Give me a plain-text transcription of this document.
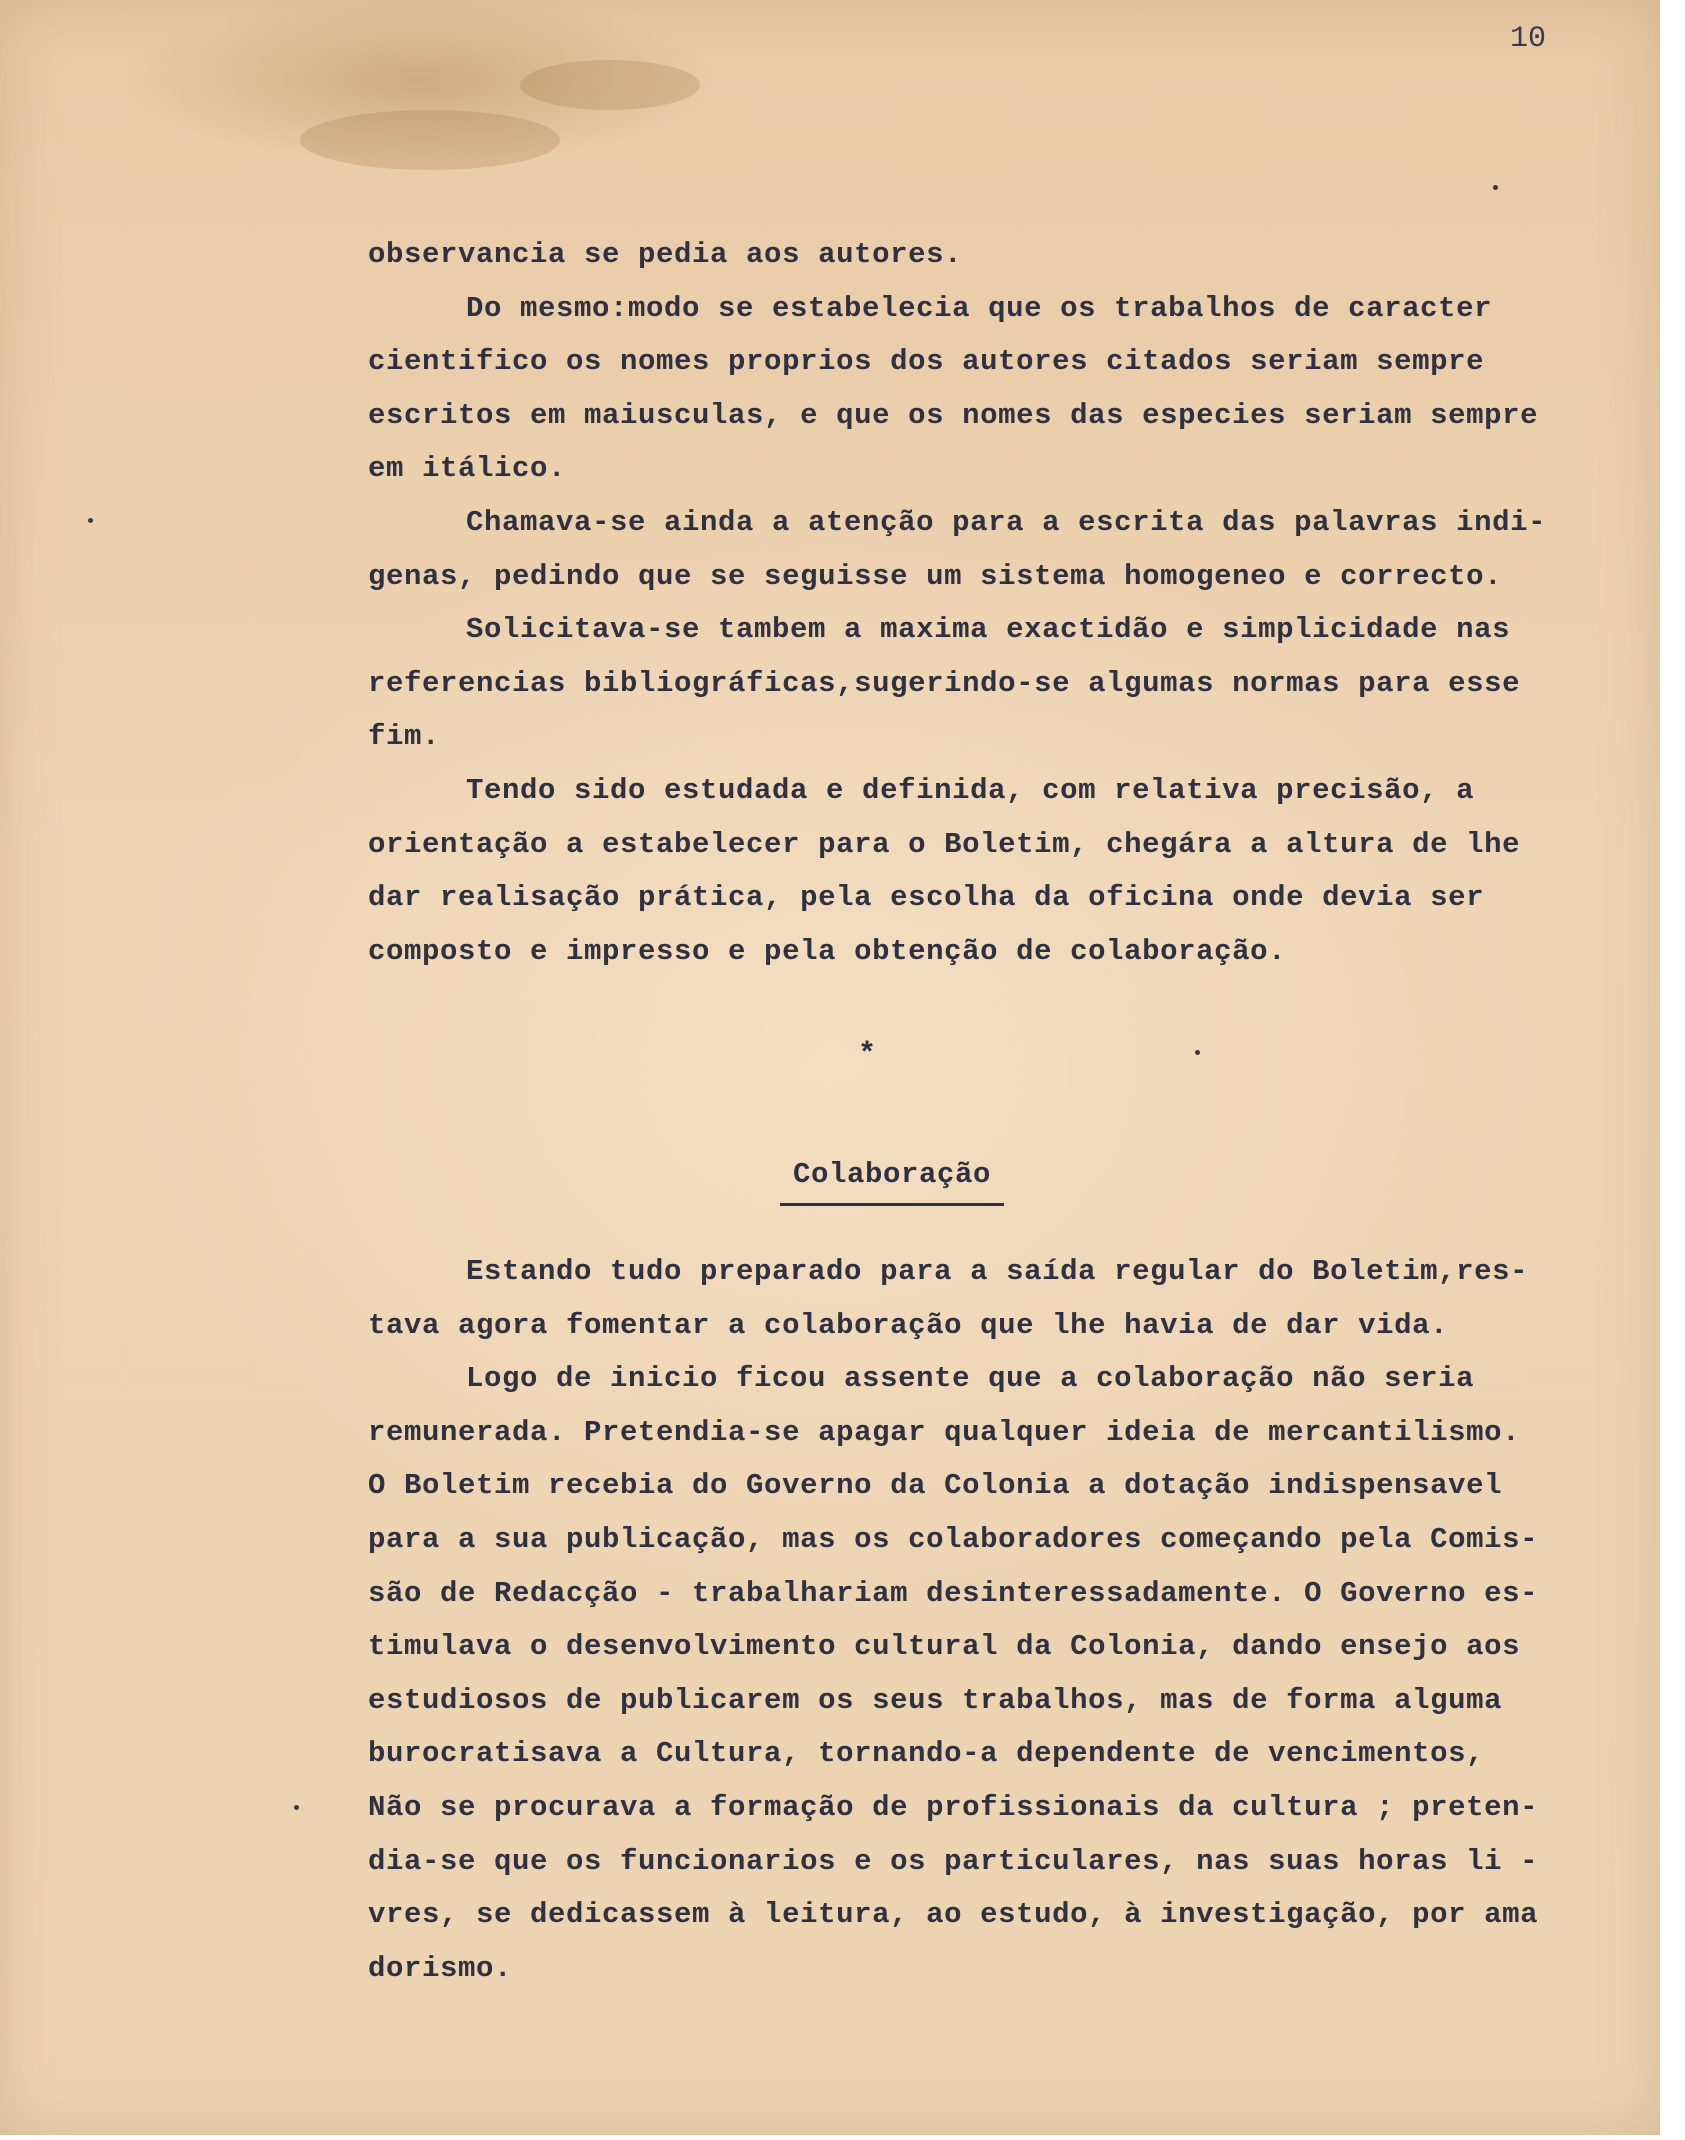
10
observancia se pedia aos autores.
Do mesmo:modo se estabelecia que os trabalhos de caracter
cientifico os nomes proprios dos autores citados seriam sempre
escritos em maiusculas, e que os nomes das especies seriam sempre
em itálico.
Chamava-se ainda a atenção para a escrita das palavras indi-
genas, pedindo que se seguisse um sistema homogeneo e correcto.
Solicitava-se tambem a maxima exactidão e simplicidade nas
referencias bibliográficas,sugerindo-se algumas normas para esse
fim.
Tendo sido estudada e definida, com relativa precisão, a
orientação a estabelecer para o Boletim, chegára a altura de lhe
dar realisação prática, pela escolha da oficina onde devia ser
composto e impresso e pela obtenção de colaboração.
*
Colaboração
Estando tudo preparado para a saída regular do Boletim,res-
tava agora fomentar a colaboração que lhe havia de dar vida.
Logo de inicio ficou assente que a colaboração não seria
remunerada. Pretendia-se apagar qualquer ideia de mercantilismo.
O Boletim recebia do Governo da Colonia a dotação indispensavel
para a sua publicação, mas os colaboradores começando pela Comis-
são de Redacção - trabalhariam desinteressadamente. O Governo es-
timulava o desenvolvimento cultural da Colonia, dando ensejo aos
estudiosos de publicarem os seus trabalhos, mas de forma alguma
burocratisava a Cultura, tornando-a dependente de vencimentos,
Não se procurava a formação de profissionais da cultura ; preten-
dia-se que os funcionarios e os particulares, nas suas horas li -
vres, se dedicassem à leitura, ao estudo, à investigação, por ama
dorismo.
